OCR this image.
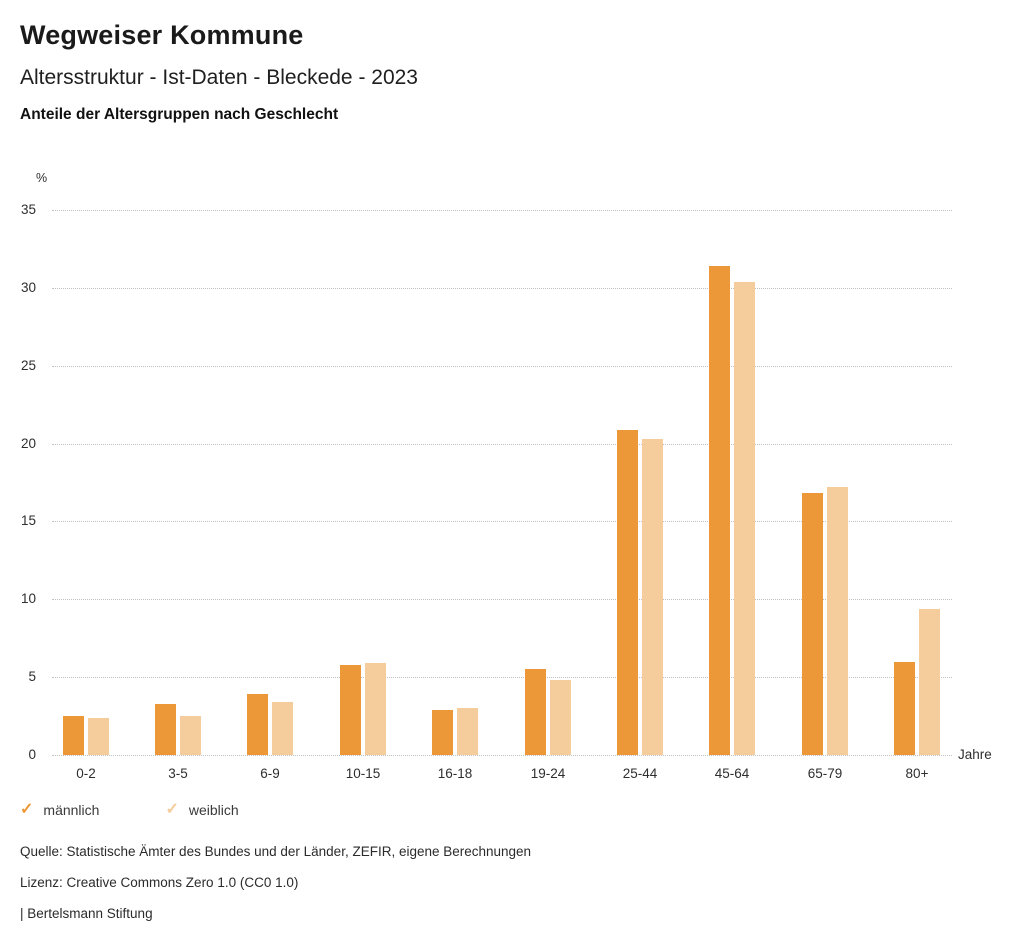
Wegweiser Kommune
Altersstruktur - Ist-Daten - Bleckede - 2023
Anteile der Altersgruppen nach Geschlecht
%
0
5
10
15
20
25
30
35
Jahre
0-2	3-5	6-9	10-15	16-18	19-24	25-44	45-64	65-79	80+
✓ männlich	✓ weiblich
Quelle: Statistische Ämter des Bundes und der Länder, ZEFIR, eigene Berechnungen
Lizenz: Creative Commons Zero 1.0 (CC0 1.0)
| Bertelsmann Stiftung
